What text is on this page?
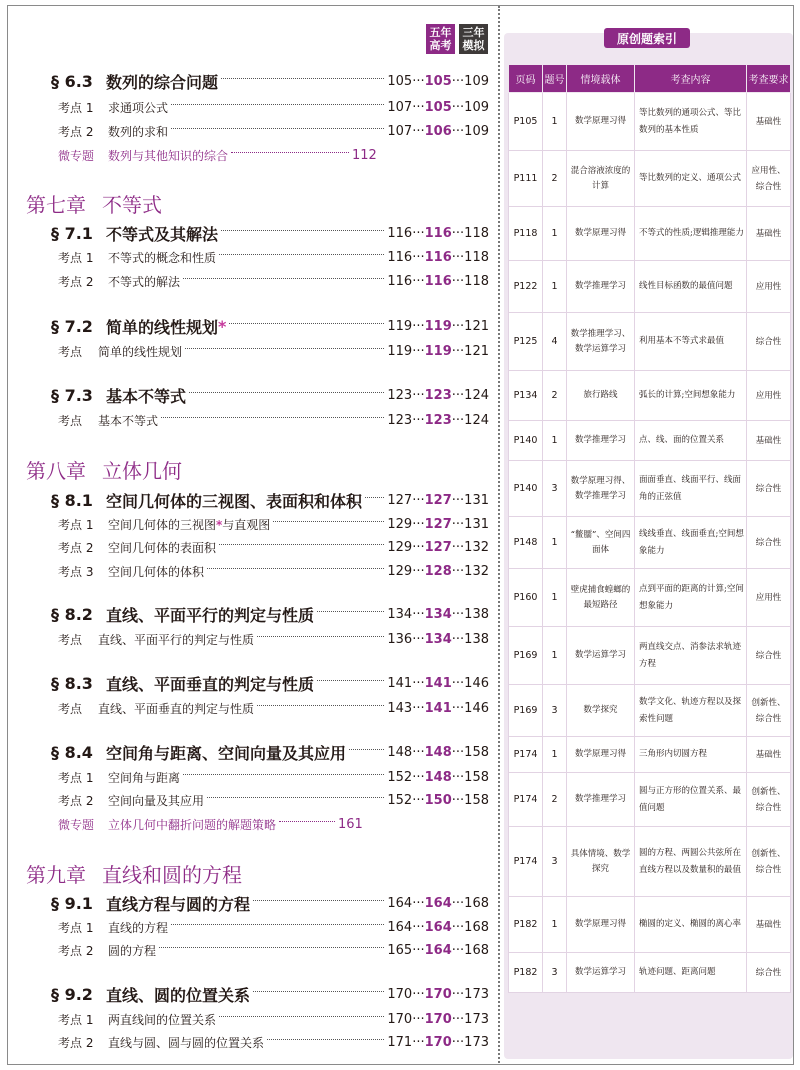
五年高考
三年模拟
§ 6.3 数列的综合问题	105···105···109
考点 1	求通项公式	107···105···109
考点 2	数列的求和	107···106···109
微专题	数列与其他知识的综合	112
第七章 不等式
§ 7.1 不等式及其解法	116···116···118
考点 1	不等式的概念和性质	116···116···118
考点 2	不等式的解法	116···116···118
§ 7.2 简单的线性规划 *	119···119···121
考点	简单的线性规划	119···119···121
§ 7.3 基本不等式	123···123···124
考点	基本不等式	123···123···124
第八章 立体几何
§ 8.1 空间几何体的三视图、表面积和体积 127···127···131
考点 1	空间几何体的三视图*与直观图	129···127···131
考点 2	空间几何体的表面积	129···127···132
考点 3	空间几何体的体积	129···128···132
§ 8.2 直线、平面平行的判定与性质	134···134···138
考点	直线、平面平行的判定与性质	136···134···138
§ 8.3 直线、平面垂直的判定与性质	141···141···146
考点	直线、平面垂直的判定与性质	143···141···146
§ 8.4 空间角与距离、空间向量及其应用	148···148···158
考点 1	空间角与距离	152···148···158
考点 2	空间向量及其应用	152···150···158
微专题	立体几何中翻折问题的解题策略	161
第九章 直线和圆的方程
§ 9.1 直线方程与圆的方程	164···164···168
考点 1	直线的方程	164···164···168
考点 2	圆的方程	165···164···168
§ 9.2 直线、圆的位置关系	170···170···173
考点 1	两直线间的位置关系	170···170···173
考点 2	直线与圆、圆与圆的位置关系	171···170···173
原创题索引
页码	题号	情境载体	考查内容	考查要求
P105	1	数学原理习得	等比数列的通项公式、等比数列的基本性质	基础性
P111	2	混合溶液浓度的计算	等比数列的定义、通项公式	应用性、综合性
P118	1	数学原理习得	不等式的性质;逻辑推理能力	基础性
P122	1	数学推理学习	线性目标函数的最值问题	应用性
P125	4	数学推理学习、数学运算学习	利用基本不等式求最值	综合性
P134	2	旅行路线	弧长的计算;空间想象能力	应用性
P140	1	数学推理学习	点、线、面的位置关系	基础性
P140	3	数学原理习得、数学推理学习	面面垂直、线面平行、线面角的正弦值	综合性
P148	1	“鳖臑”、空间四面体	线线垂直、线面垂直;空间想象能力	综合性
P160	1	壁虎捕食蝗螂的最短路径	点到平面的距离的计算;空间想象能力	应用性
P169	1	数学运算学习	两直线交点、消参法求轨迹方程	综合性
P169	3	数学探究	数学文化、轨迹方程以及探索性问题	创新性、综合性
P174	1	数学原理习得	三角形内切圆方程	基础性
P174	2	数学推理学习	圆与正方形的位置关系、最值问题	创新性、综合性
P174	3	具体情境、数学探究	圆的方程、两圆公共弦所在直线方程以及数量积的最值	创新性、综合性
P182	1	数学原理习得	椭圆的定义、椭圆的离心率	基础性
P182	3	数学运算学习	轨迹问题、距离问题	综合性
